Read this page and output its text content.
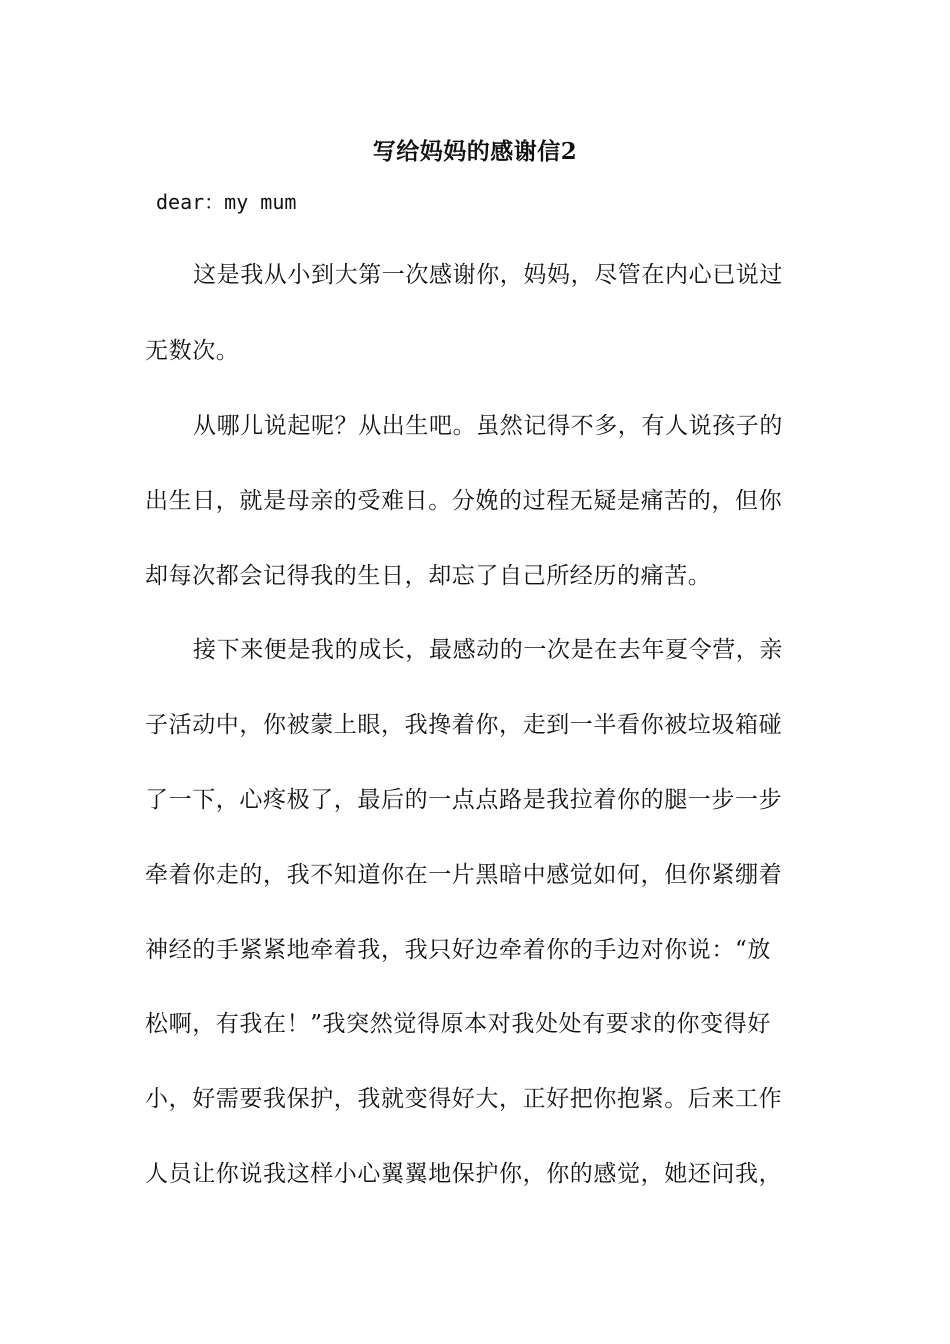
写给妈妈的感谢信2
dear：my mum
这是我从小到大第一次感谢你，妈妈，尽管在内心已说过
无数次。
从哪儿说起呢？从出生吧。虽然记得不多，有人说孩子的
出生日，就是母亲的受难日。分娩的过程无疑是痛苦的，但你
却每次都会记得我的生日，却忘了自己所经历的痛苦。
接下来便是我的成长，最感动的一次是在去年夏令营，亲
子活动中，你被蒙上眼，我搀着你，走到一半看你被垃圾箱碰
了一下，心疼极了，最后的一点点路是我拉着你的腿一步一步
牵着你走的，我不知道你在一片黑暗中感觉如何，但你紧绷着
神经的手紧紧地牵着我，我只好边牵着你的手边对你说：“放
松啊，有我在！”我突然觉得原本对我处处有要求的你变得好
小，好需要我保护，我就变得好大，正好把你抱紧。后来工作
人员让你说我这样小心翼翼地保护你，你的感觉，她还问我，
